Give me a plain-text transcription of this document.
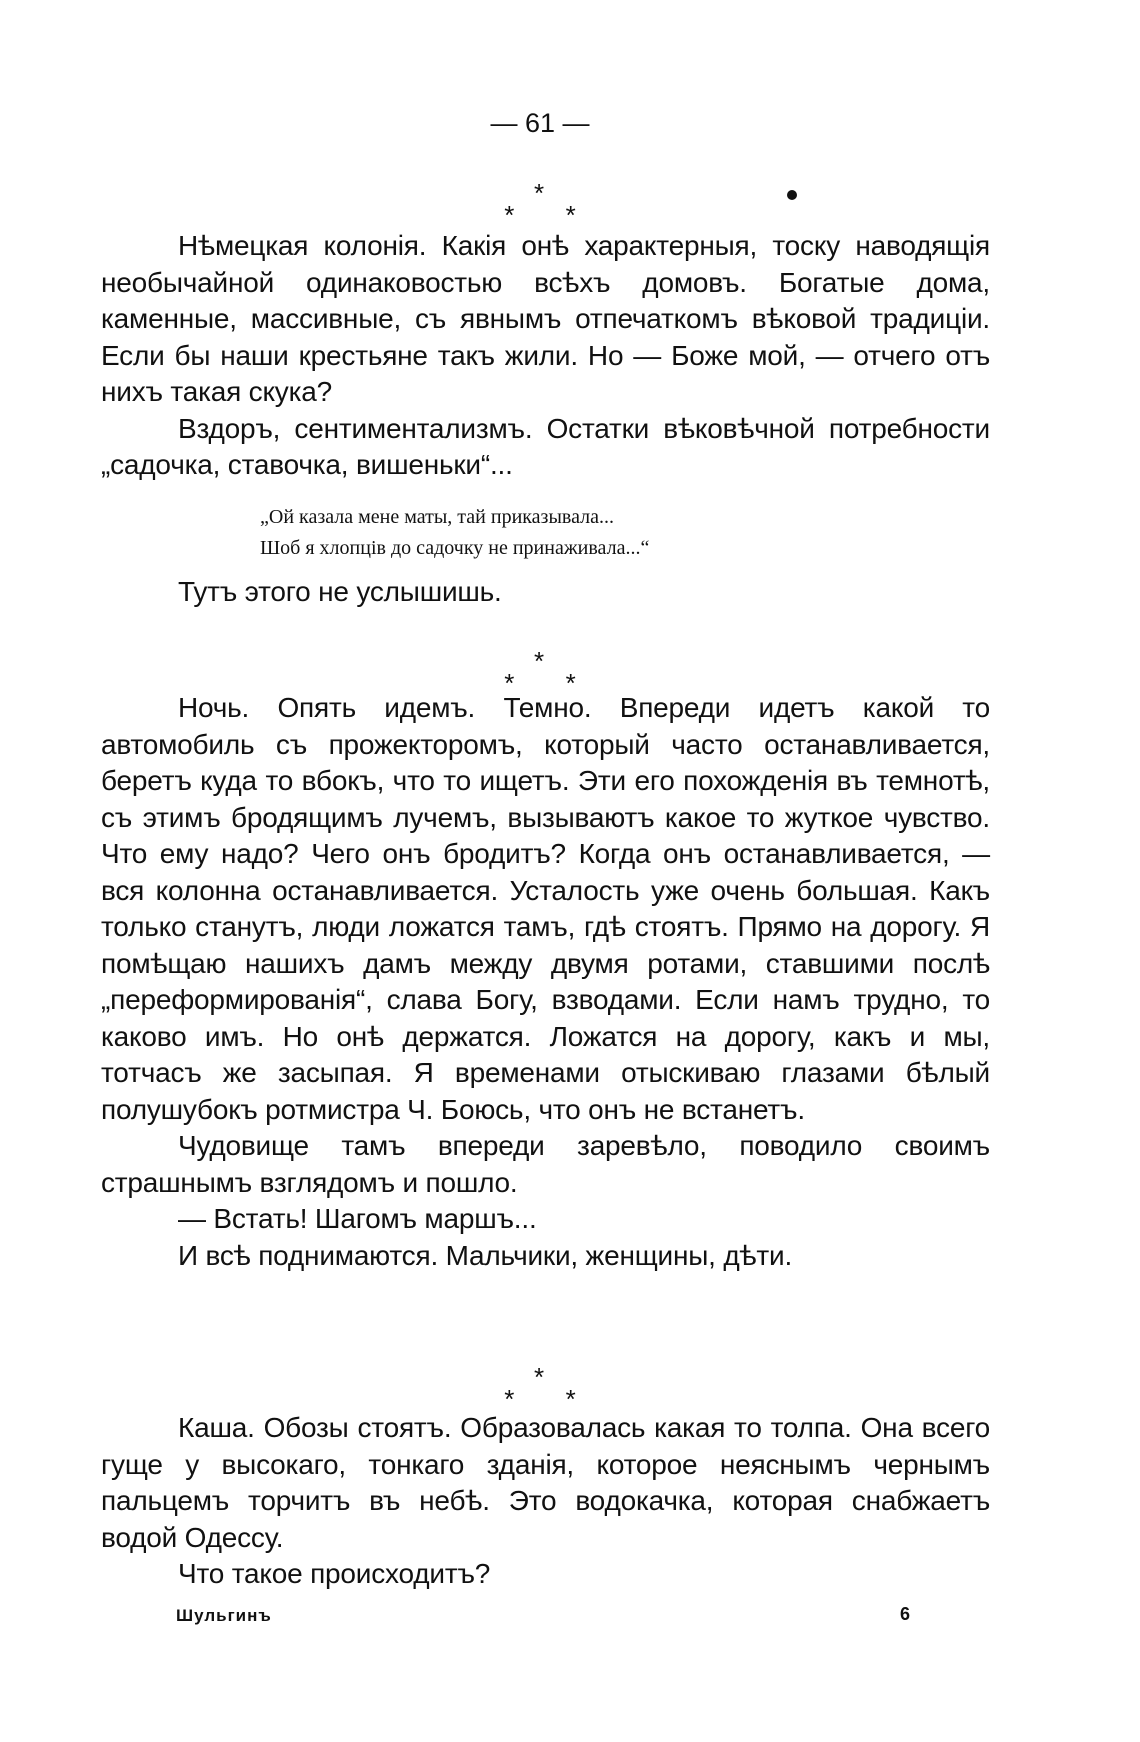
— 61 —
*
* *

Нѣмецкая колонія. Какія онѣ характерныя, тоску наводящія необычайной одинаковостью всѣхъ домовъ. Богатые дома, каменные, массивные, съ явнымъ отпечаткомъ вѣковой традиціи. Если бы наши крестьяне такъ жили. Но — Боже мой, — отчего отъ нихъ такая скука?

Вздоръ, сентиментализмъ. Остатки вѣковѣчной потребности „садочка, ставочка, вишеньки“...

„Ой казала мене маты, тай приказывала...
Шоб я хлопців до садочку не принаживала...“

Тутъ этого не услышишь.

*
* *

Ночь. Опять идемъ. Темно. Впереди идетъ какой то автомобиль съ прожекторомъ, который часто останавливается, беретъ куда то вбокъ, что то ищетъ. Эти его похожденія въ темнотѣ, съ этимъ бродящимъ лучемъ, вызываютъ какое то жуткое чувство. Что ему надо? Чего онъ бродитъ? Когда онъ останавливается, — вся колонна останавливается. Усталость уже очень большая. Какъ только станутъ, люди ложатся тамъ, гдѣ стоятъ. Прямо на дорогу. Я помѣщаю нашихъ дамъ между двумя ротами, ставшими послѣ „переформированія“, слава Богу, взводами. Если намъ трудно, то каково имъ. Но онѣ держатся. Ложатся на дорогу, какъ и мы, тотчасъ же засыпая. Я временами отыскиваю глазами бѣлый полушубокъ ротмистра Ч. Боюсь, что онъ не встанетъ.

Чудовище тамъ впереди заревѣло, поводило своимъ страшнымъ взглядомъ и пошло.

— Встать! Шагомъ маршъ...

И всѣ поднимаются. Мальчики, женщины, дѣти.

*
* *

Каша. Обозы стоятъ. Образовалась какая то толпа. Она всего гуще у высокаго, тонкаго зданія, которое неяснымъ чернымъ пальцемъ торчитъ въ небѣ. Это водокачка, которая снабжаетъ водой Одессу.

Что такое происходитъ?

Шульгинъ	6
